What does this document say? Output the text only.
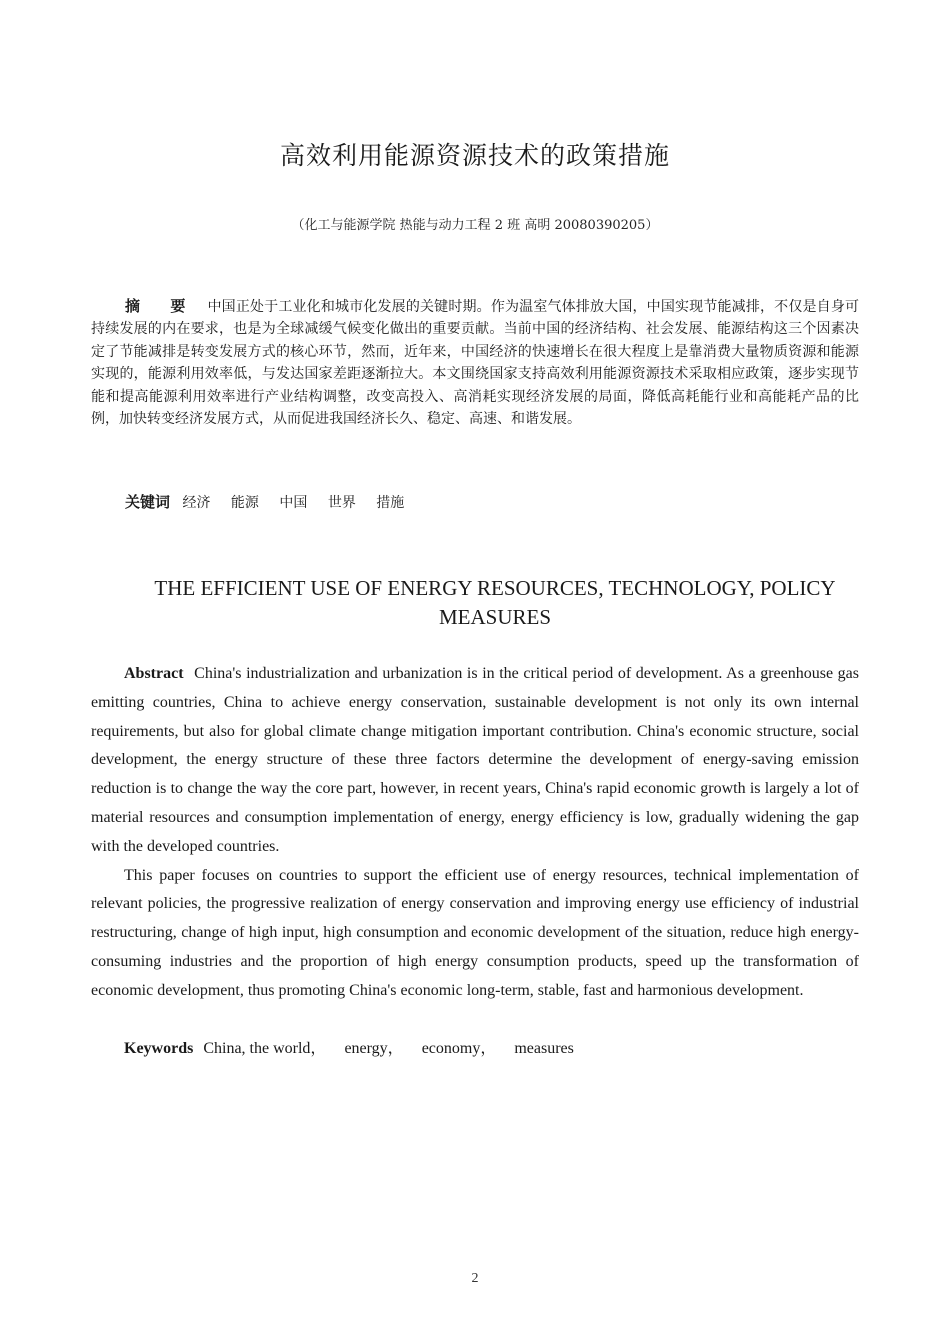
高效利用能源资源技术的政策措施
（化工与能源学院 热能与动力工程 2 班 高明 20080390205）
摘 要 中国正处于工业化和城市化发展的关键时期。作为温室气体排放大国，中国实现节能减排，不仅是自身可持续发展的内在要求，也是为全球减缓气候变化做出的重要贡献。当前中国的经济结构、社会发展、能源结构这三个因素决定了节能减排是转变发展方式的核心环节，然而，近年来，中国经济的快速增长在很大程度上是靠消费大量物质资源和能源实现的，能源利用效率低，与发达国家差距逐渐拉大。本文围绕国家支持高效利用能源资源技术采取相应政策，逐步实现节能和提高能源利用效率进行产业结构调整，改变高投入、高消耗实现经济发展的局面，降低高耗能行业和高能耗产品的比例，加快转变经济发展方式，从而促进我国经济长久、稳定、高速、和谐发展。
关键词 经济 能源 中国 世界 措施
THE EFFICIENT USE OF ENERGY RESOURCES, TECHNOLOGY, POLICY MEASURES

Abstract China's industrialization and urbanization is in the critical period of development. As a greenhouse gas emitting countries, China to achieve energy conservation, sustainable development is not only its own internal requirements, but also for global climate change mitigation important contribution. China's economic structure, social development, the energy structure of these three factors determine the development of energy-saving emission reduction is to change the way the core part, however, in recent years, China's rapid economic growth is largely a lot of material resources and consumption implementation of energy, energy efficiency is low, gradually widening the gap with the developed countries.

This paper focuses on countries to support the efficient use of energy resources, technical implementation of relevant policies, the progressive realization of energy conservation and improving energy use efficiency of industrial restructuring, change of high input, high consumption and economic development of the situation, reduce high energy-consuming industries and the proportion of high energy consumption products, speed up the transformation of economic development, thus promoting China's economic long-term, stable, fast and harmonious development.

Keywords China, the world， energy， economy， measures
2
